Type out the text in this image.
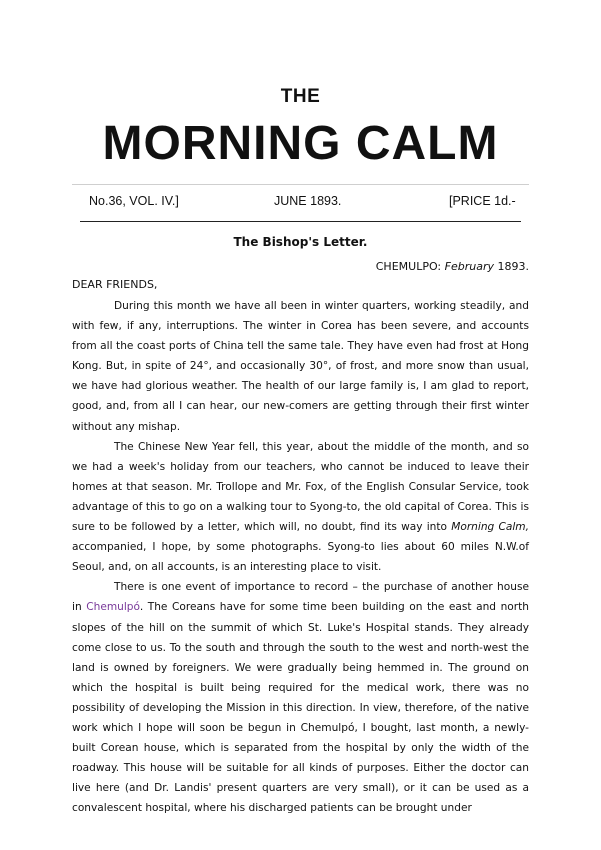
THE
MORNING CALM
No.36, VOL. IV.]	JUNE 1893.	[PRICE 1d.-
The Bishop's Letter.
CHEMULPO: February 1893.
DEAR FRIENDS,

During this month we have all been in winter quarters, working steadily, and with few, if any, interruptions. The winter in Corea has been severe, and accounts from all the coast ports of China tell the same tale. They have even had frost at Hong Kong. But, in spite of 24°, and occasionally 30°, of frost, and more snow than usual, we have had glorious weather. The health of our large family is, I am glad to report, good, and, from all I can hear, our new-comers are getting through their first winter without any mishap.

The Chinese New Year fell, this year, about the middle of the month, and so we had a week's holiday from our teachers, who cannot be induced to leave their homes at that season. Mr. Trollope and Mr. Fox, of the English Consular Service, took advantage of this to go on a walking tour to Syong-to, the old capital of Corea. This is sure to be followed by a letter, which will, no doubt, find its way into Morning Calm, accompanied, I hope, by some photographs. Syong-to lies about 60 miles N.W.of Seoul, and, on all accounts, is an interesting place to visit.

There is one event of importance to record – the purchase of another house in Chemulpó. The Coreans have for some time been building on the east and north slopes of the hill on the summit of which St. Luke's Hospital stands. They already come close to us. To the south and through the south to the west and north-west the land is owned by foreigners. We were gradually being hemmed in. The ground on which the hospital is built being required for the medical work, there was no possibility of developing the Mission in this direction. In view, therefore, of the native work which I hope will soon be begun in Chemulpó, I bought, last month, a newly-built Corean house, which is separated from the hospital by only the width of the roadway. This house will be suitable for all kinds of purposes. Either the doctor can live here (and Dr. Landis' present quarters are very small), or it can be used as a convalescent hospital, where his discharged patients can be brought under
